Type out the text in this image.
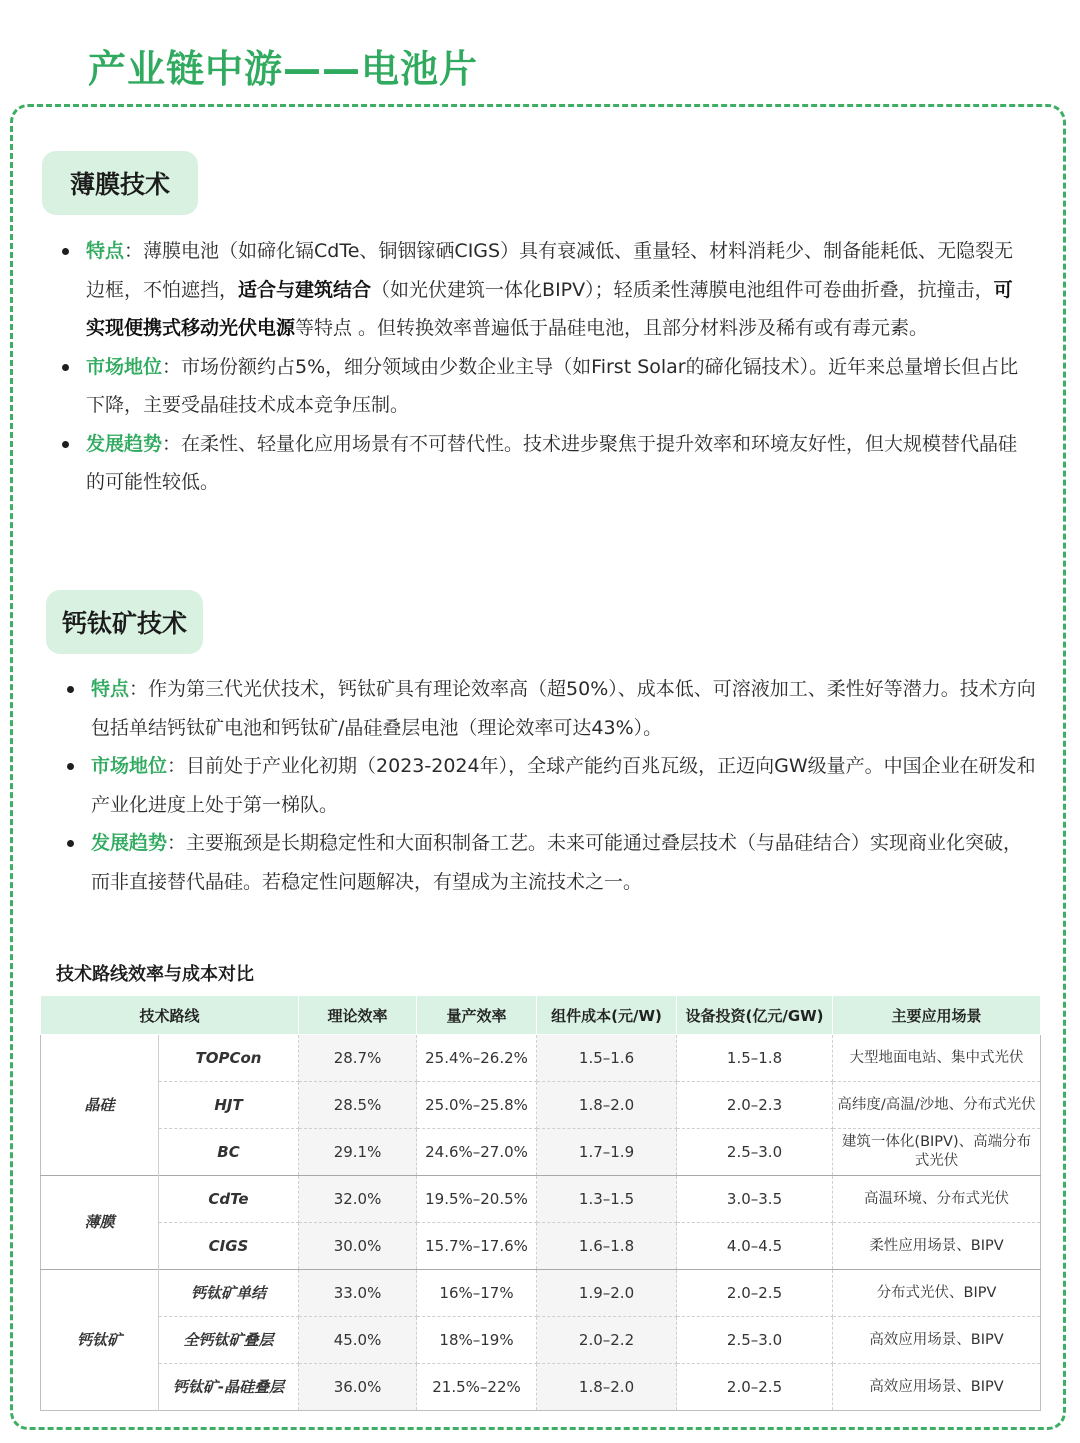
产业链中游——电池片
薄膜技术
特点：薄膜电池（如碲化镉CdTe、铜铟镓硒CIGS）具有衰减低、重量轻、材料消耗少、制备能耗低、无隐裂无边框，不怕遮挡，适合与建筑结合（如光伏建筑一体化BIPV）；轻质柔性薄膜电池组件可卷曲折叠，抗撞击，可实现便携式移动光伏电源等特点 。但转换效率普遍低于晶硅电池，且部分材料涉及稀有或有毒元素。
市场地位：市场份额约占5%，细分领域由少数企业主导（如First Solar的碲化镉技术）。近年来总量增长但占比下降，主要受晶硅技术成本竞争压制。
发展趋势：在柔性、轻量化应用场景有不可替代性。技术进步聚焦于提升效率和环境友好性，但大规模替代晶硅的可能性较低。
钙钛矿技术
特点：作为第三代光伏技术，钙钛矿具有理论效率高（超50%）、成本低、可溶液加工、柔性好等潜力。技术方向包括单结钙钛矿电池和钙钛矿/晶硅叠层电池（理论效率可达43%）。
市场地位：目前处于产业化初期（2023-2024年），全球产能约百兆瓦级，正迈向GW级量产。中国企业在研发和产业化进度上处于第一梯队。
发展趋势：主要瓶颈是长期稳定性和大面积制备工艺。未来可能通过叠层技术（与晶硅结合）实现商业化突破，而非直接替代晶硅。若稳定性问题解决，有望成为主流技术之一。
技术路线效率与成本对比
技术路线		理论效率	量产效率	组件成本(元/W)	设备投资(亿元/GW)	主要应用场景
晶硅	TOPCon	28.7%	25.4%–26.2%	1.5–1.6	1.5–1.8	大型地面电站、集中式光伏
	HJT	28.5%	25.0%–25.8%	1.8–2.0	2.0–2.3	高纬度/高温/沙地、分布式光伏
	BC	29.1%	24.6%–27.0%	1.7–1.9	2.5–3.0	建筑一体化(BIPV)、高端分布式光伏
薄膜	CdTe	32.0%	19.5%–20.5%	1.3–1.5	3.0–3.5	高温环境、分布式光伏
	CIGS	30.0%	15.7%–17.6%	1.6–1.8	4.0–4.5	柔性应用场景、BIPV
钙钛矿	钙钛矿单结	33.0%	16%–17%	1.9–2.0	2.0–2.5	分布式光伏、BIPV
	全钙钛矿叠层	45.0%	18%–19%	2.0–2.2	2.5–3.0	高效应用场景、BIPV
	钙钛矿-晶硅叠层	36.0%	21.5%–22%	1.8–2.0	2.0–2.5	高效应用场景、BIPV
